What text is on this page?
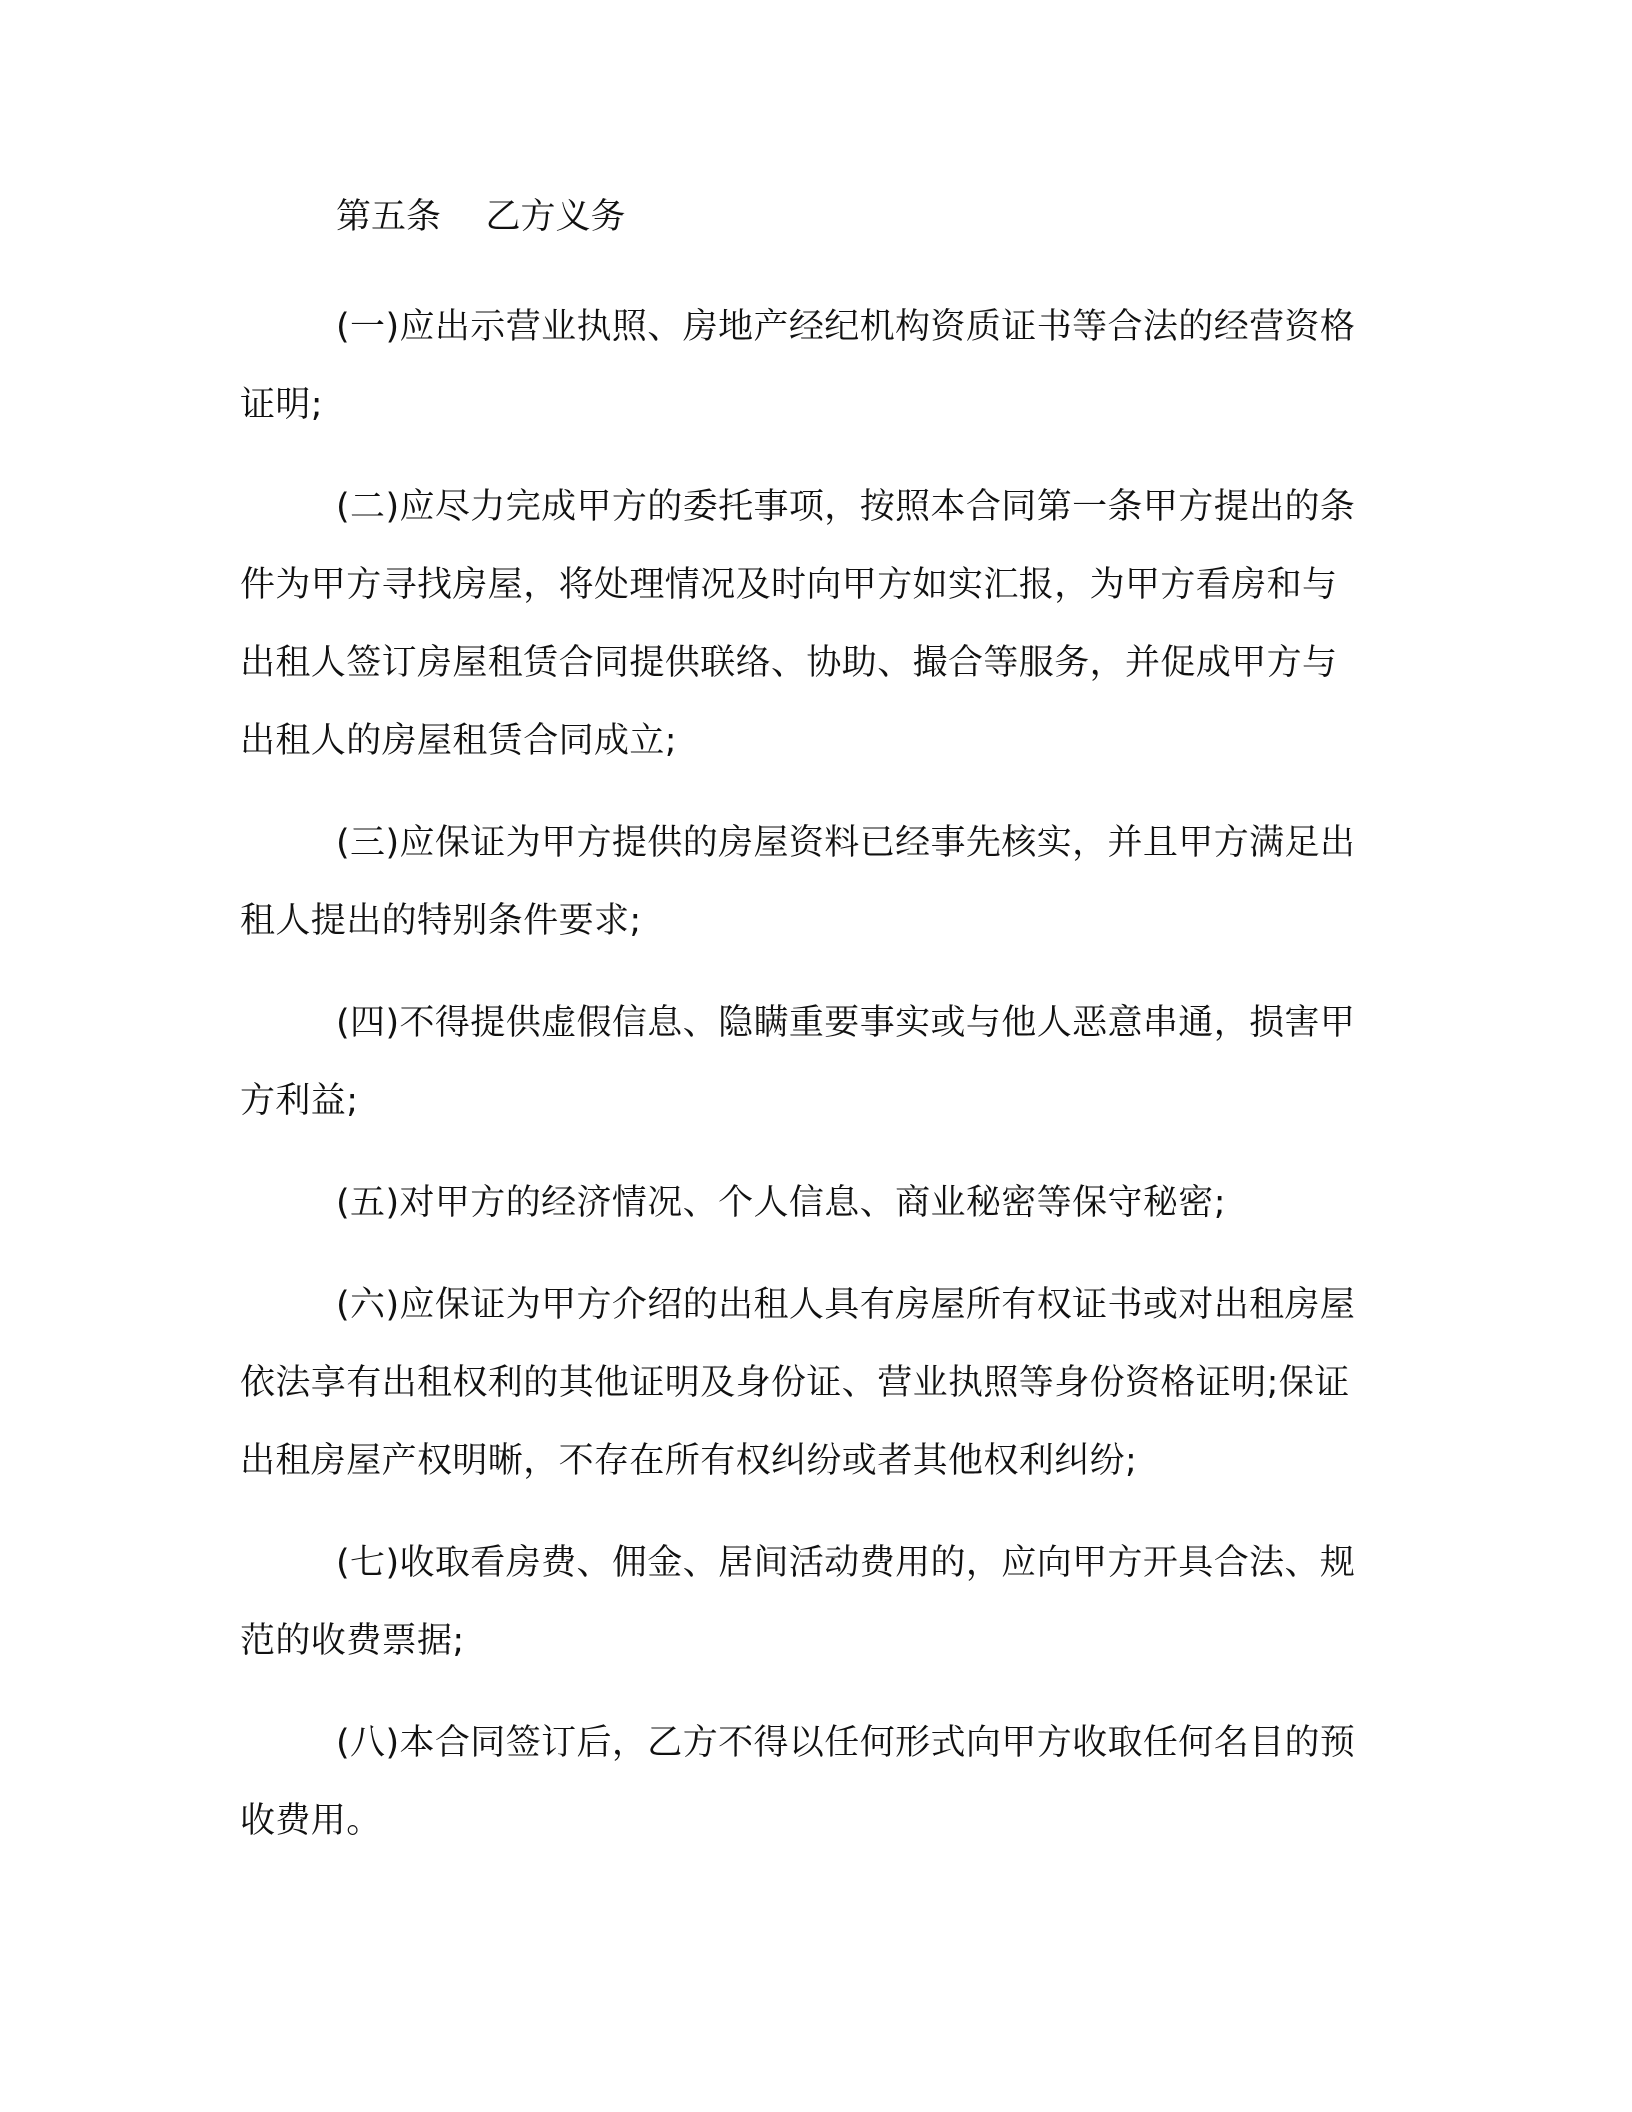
第五条    乙方义务

(一)应出示营业执照、房地产经纪机构资质证书等合法的经营资格证明;

(二)应尽力完成甲方的委托事项，按照本合同第一条甲方提出的条件为甲方寻找房屋，将处理情况及时向甲方如实汇报，为甲方看房和与出租人签订房屋租赁合同提供联络、协助、撮合等服务，并促成甲方与出租人的房屋租赁合同成立;

(三)应保证为甲方提供的房屋资料已经事先核实，并且甲方满足出租人提出的特别条件要求;

(四)不得提供虚假信息、隐瞒重要事实或与他人恶意串通，损害甲方利益;

(五)对甲方的经济情况、个人信息、商业秘密等保守秘密;

(六)应保证为甲方介绍的出租人具有房屋所有权证书或对出租房屋依法享有出租权利的其他证明及身份证、营业执照等身份资格证明;保证出租房屋产权明晰，不存在所有权纠纷或者其他权利纠纷;

(七)收取看房费、佣金、居间活动费用的，应向甲方开具合法、规范的收费票据;

(八)本合同签订后，乙方不得以任何形式向甲方收取任何名目的预收费用。
